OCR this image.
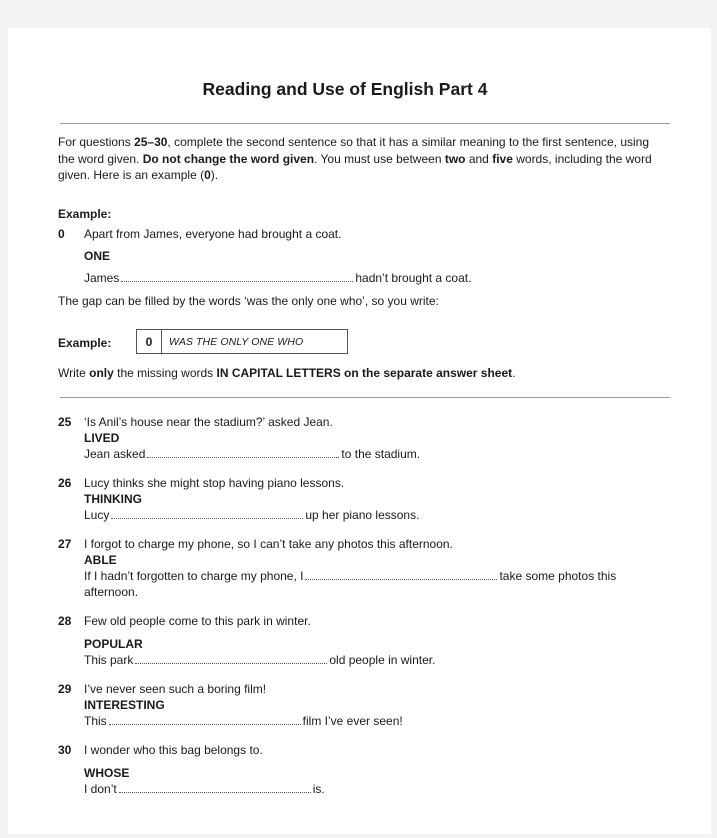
Reading and Use of English Part 4
For questions 25–30, complete the second sentence so that it has a similar meaning to the first sentence, using the word given. Do not change the word given. You must use between two and five words, including the word given. Here is an example (0).
Example:
0 Apart from James, everyone had brought a coat.
ONE
James	hadn’t brought a coat.
The gap can be filled by the words ‘was the only one who’, so you write:
Example:	0	WAS THE ONLY ONE WHO
Write only the missing words IN CAPITAL LETTERS on the separate answer sheet.
25 ‘Is Anil’s house near the stadium?’ asked Jean.
LIVED
Jean asked	to the stadium.
26 Lucy thinks she might stop having piano lessons.
THINKING
Lucy	up her piano lessons.
27 I forgot to charge my phone, so I can’t take any photos this afternoon.
ABLE
If I hadn’t forgotten to charge my phone, I	take some photos this
afternoon.
28 Few old people come to this park in winter.
POPULAR
This park	old people in winter.
29 I’ve never seen such a boring film!
INTERESTING
This	film I’ve ever seen!
30 I wonder who this bag belongs to.
WHOSE
I don’t	is.
